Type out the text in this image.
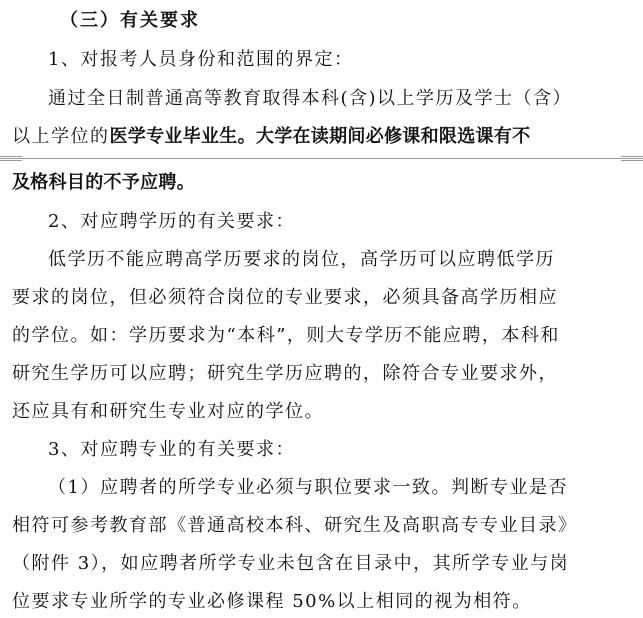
（三）有关要求
1、对报考人员身份和范围的界定：
通过全日制普通高等教育取得本科(含)以上学历及学士（含）
以上学位的医学专业毕业生。大学在读期间必修课和限选课有不
及格科目的不予应聘。
2、对应聘学历的有关要求：
低学历不能应聘高学历要求的岗位，高学历可以应聘低学历
要求的岗位，但必须符合岗位的专业要求，必须具备高学历相应
的学位。如：学历要求为“本科”，则大专学历不能应聘，本科和
研究生学历可以应聘；研究生学历应聘的，除符合专业要求外，
还应具有和研究生专业对应的学位。
3、对应聘专业的有关要求：
（1）应聘者的所学专业必须与职位要求一致。判断专业是否
相符可参考教育部《普通高校本科、研究生及高职高专专业目录》
（附件 3），如应聘者所学专业未包含在目录中，其所学专业与岗
位要求专业所学的专业必修课程 50%以上相同的视为相符。
